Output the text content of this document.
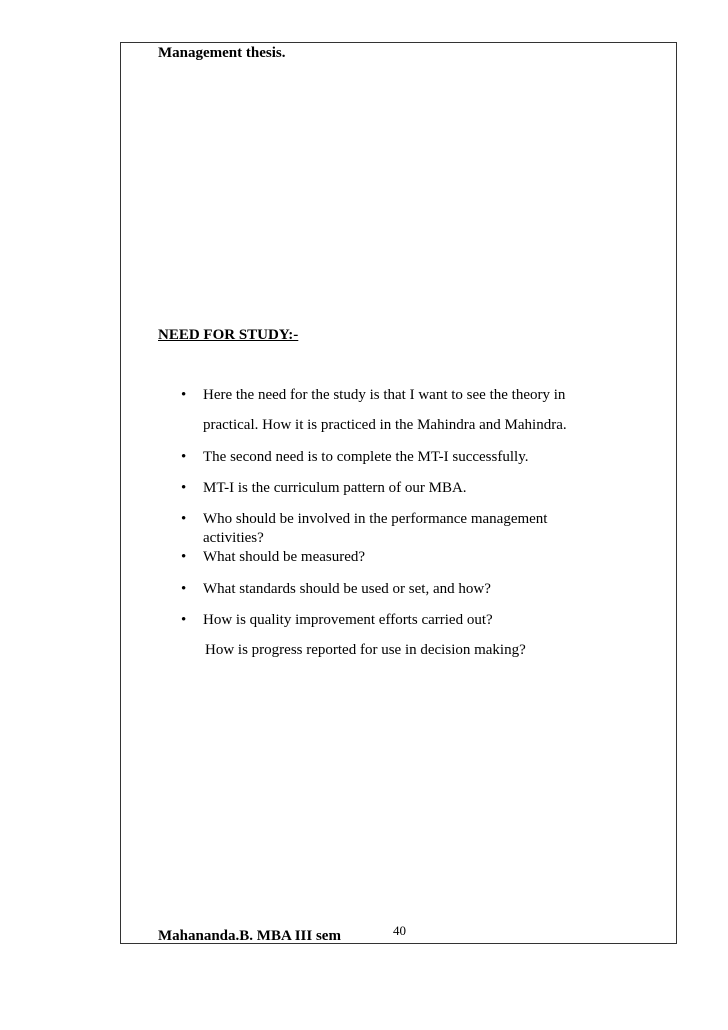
Management thesis.
NEED FOR STUDY:-
•	Here the need for the study is that I want to see the theory in
practical. How it is practiced in the Mahindra and Mahindra.
•	The second need is to complete the MT-I successfully.
•	MT-I is the curriculum pattern of our MBA.
•	Who should be involved in the performance management
activities?
•	What should be measured?
•	What standards should be used or set, and how?
•	How is quality improvement efforts carried out?
How is progress reported for use in decision making?
Mahananda.B. MBA III sem	40
